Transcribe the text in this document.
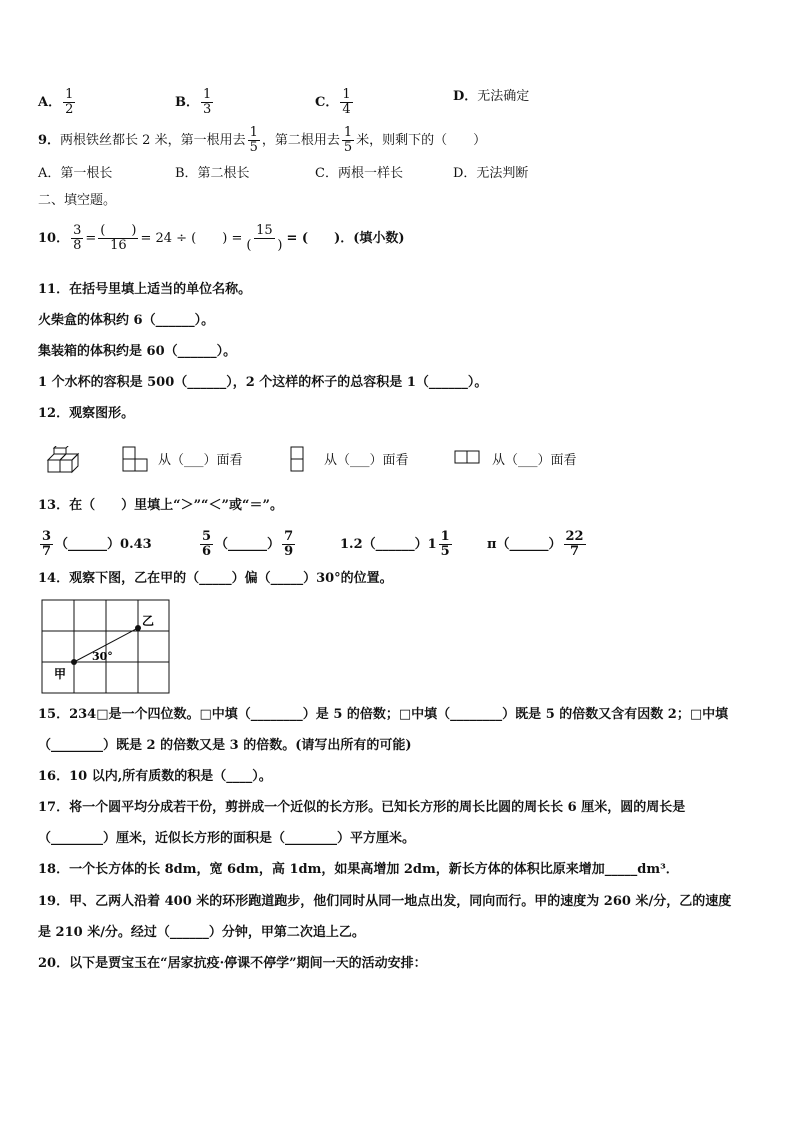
A． $\frac{1}{2}$	B． $\frac{1}{3}$	C． $\frac{1}{4}$	D．无法确定
9．两根铁丝都长 2 米，第一根用去 $\frac{1}{5}$ ，第二根用去 $\frac{1}{5}$ 米，则剩下的（　　）
A．第一根长	B．第二根长	C．两根一样长	D．无法判断
二、填空题。
10． $\frac{3}{8} = \frac{( )}{16} = 24$ ÷ (　　) = $\frac{15}{( )}$ = (　　)．(填小数)
11．在括号里填上适当的单位名称。
火柴盒的体积约 6（______）。
集装箱的体积约是 60（______）。
1 个水杯的容积是 500（______），2 个这样的杯子的总容积是 1（______）。
12．观察图形。
从（___）面看	从（___）面看	从（___）面看
13．在（　　）里填上“＞”“＜”或“＝”。
$\frac{3}{7}$ （______）0.43	$\frac{5}{6}$ （______） $\frac{7}{9}$	1.2（______）1 $\frac{1}{5}$	π（______） $\frac{22}{7}$
14．观察下图，乙在甲的（_____）偏（_____）30°的位置。
甲
乙
30°
15．234□是一个四位数。□中填（________）是 5 的倍数；□中填（________）既是 5 的倍数又含有因数 2；□中填
（________）既是 2 的倍数又是 3 的倍数。(请写出所有的可能)
16．10 以内,所有质数的积是（____）。
17．将一个圆平均分成若干份，剪拼成一个近似的长方形。已知长方形的周长比圆的周长长 6 厘米，圆的周长是
（________）厘米，近似长方形的面积是（________）平方厘米。
18．一个长方体的长 8dm，宽 6dm，高 1dm，如果高增加 2dm，新长方体的体积比原来增加_____dm³．
19．甲、乙两人沿着 400 米的环形跑道跑步，他们同时从同一地点出发，同向而行。甲的速度为 260 米/分，乙的速度
是 210 米/分。经过（______）分钟，甲第二次追上乙。
20．以下是贾宝玉在“居家抗疫·停课不停学”期间一天的活动安排：
